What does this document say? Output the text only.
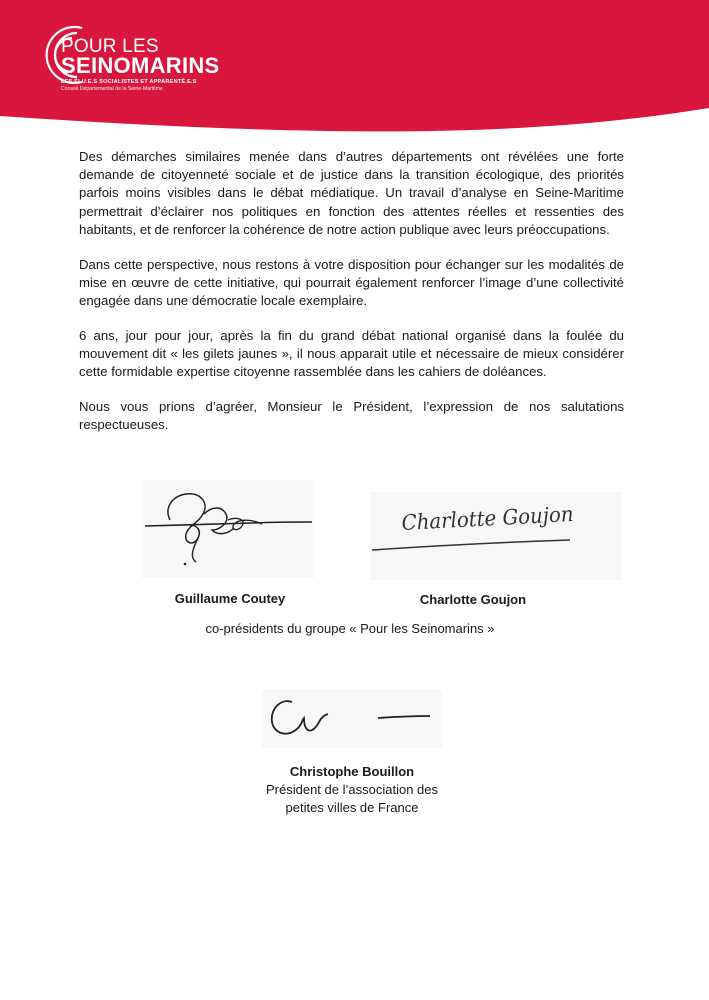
POUR LES
SEINOMARINS
LES ÉLU.E.S SOCIALISTES ET APPARENTÉ.E.S
Conseil Départemental de la Seine-Maritime

Des démarches similaires menée dans d’autres départements ont révélées une forte demande de citoyenneté sociale et de justice dans la transition écologique, des priorités parfois moins visibles dans le débat médiatique. Un travail d’analyse en Seine-Maritime permettrait d’éclairer nos politiques en fonction des attentes réelles et ressenties des habitants, et de renforcer la cohérence de notre action publique avec leurs préoccupations.

Dans cette perspective, nous restons à votre disposition pour échanger sur les modalités de mise en œuvre de cette initiative, qui pourrait également renforcer l’image d’une collectivité engagée dans une démocratie locale exemplaire.

6 ans, jour pour jour, après la fin du grand débat national organisé dans la foulée du mouvement dit « les gilets jaunes », il nous apparait utile et nécessaire de mieux considérer cette formidable expertise citoyenne rassemblée dans les cahiers de doléances.

Nous vous prions d’agréer, Monsieur le Président, l’expression de nos salutations respectueuses.

Charlotte Goujon
Guillaume Coutey	Charlotte Goujon
co-présidents du groupe « Pour les Seinomarins »
Christophe Bouillon
Président de l’association des
petites villes de France
